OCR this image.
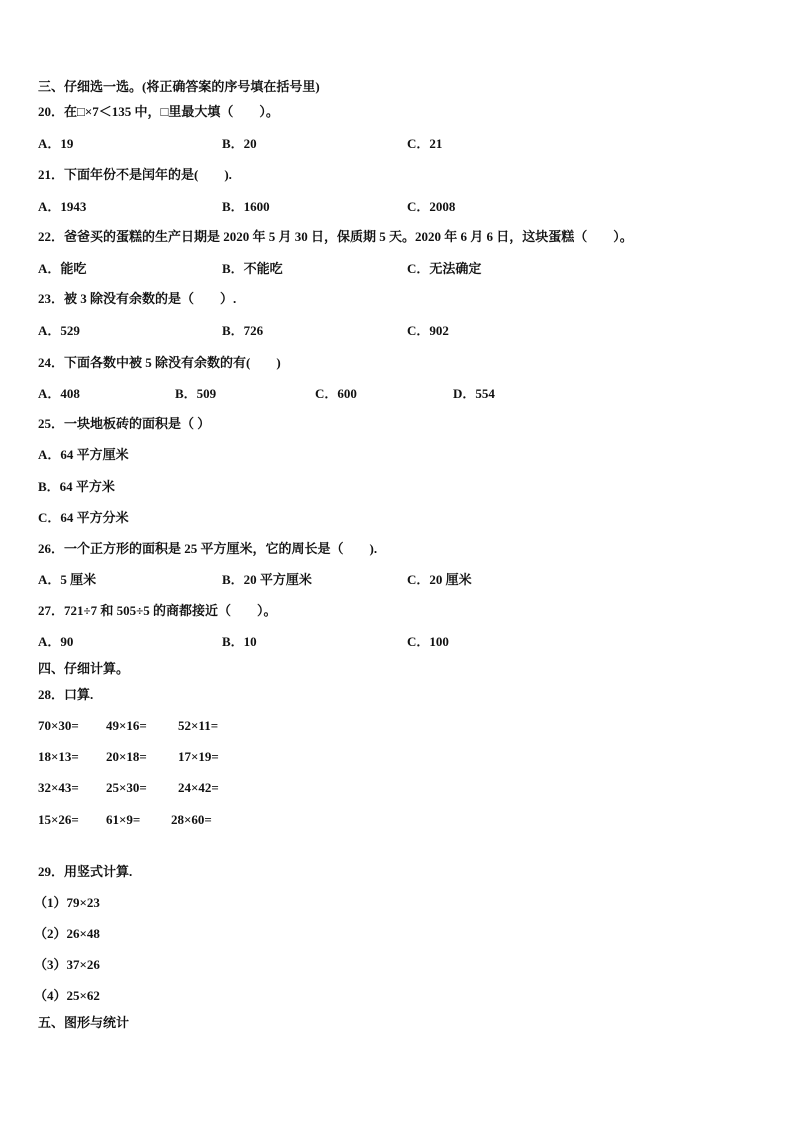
三、仔细选一选。(将正确答案的序号填在括号里)
20．在□×7＜135 中，□里最大填（　　）。
A．19	B．20	C．21
21．下面年份不是闰年的是(　　).
A．1943	B．1600	C．2008
22．爸爸买的蛋糕的生产日期是 2020 年 5 月 30 日，保质期 5 天。2020 年 6 月 6 日，这块蛋糕（　　）。
A．能吃	B．不能吃	C．无法确定
23．被 3 除没有余数的是（　　）.
A．529	B．726	C．902
24．下面各数中被 5 除没有余数的有(　　)
A．408	B．509	C．600	D．554
25．一块地板砖的面积是（ ）
A．64 平方厘米
B．64 平方米
C．64 平方分米
26．一个正方形的面积是 25 平方厘米，它的周长是（　　).
A．5 厘米	B．20 平方厘米	C．20 厘米
27．721÷7 和 505÷5 的商都接近（　　）。
A．90	B．10	C．100
四、仔细计算。
28．口算.
70×30= 49×16= 52×11=
18×13= 20×18= 17×19=
32×43= 25×30= 24×42=
15×26= 61×9= 28×60=
29．用竖式计算.
（1）79×23
（2）26×48
（3）37×26
（4）25×62
五、图形与统计
